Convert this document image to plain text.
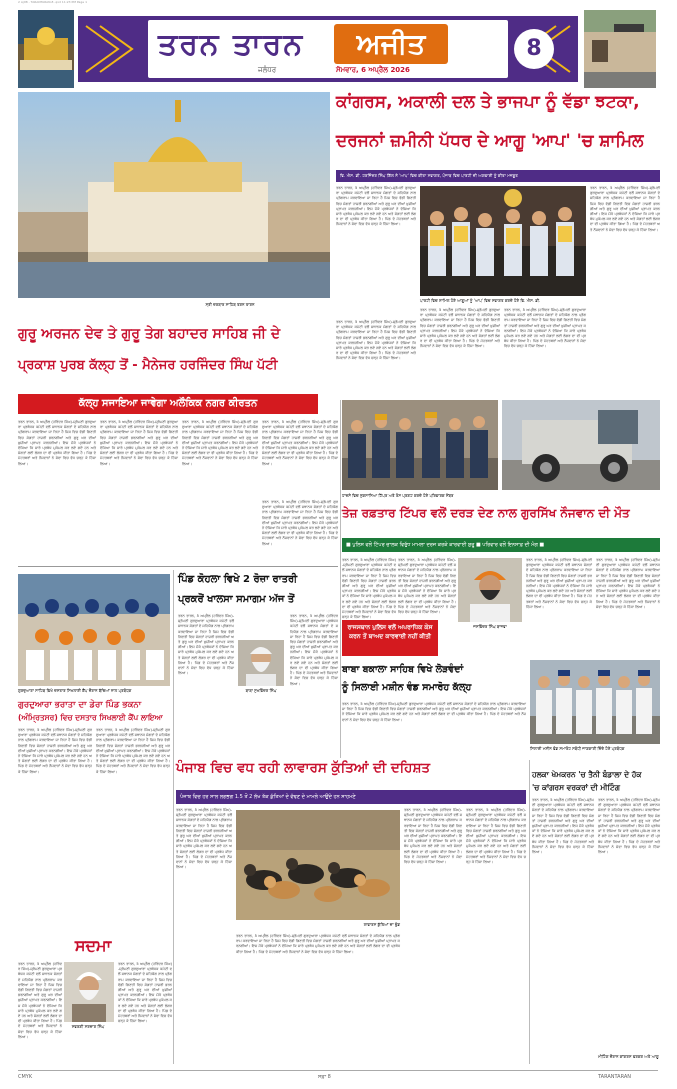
2 Ajit8 - TARANTARAN-8 .qxd 11:23 PM Page 1
ਤਰਨ ਤਾਰਨ	ਅਜੀਤ
ਜਲੰਧਰ	ਸੋਮਵਾਰ, 6 ਅਪ੍ਰੈਲ 2026
8
ਸ੍ਰੀ ਦਰਬਾਰ ਸਾਹਿਬ ਤਰਨ ਤਾਰਨ
ਕਾਂਗਰਸ, ਅਕਾਲੀ ਦਲ ਤੇ ਭਾਜਪਾ ਨੂੰ ਵੱਡਾ ਝਟਕਾ,
ਦਰਜਨਾਂ ਜ਼ਮੀਨੀ ਪੱਧਰ ਦੇ ਆਗੂ 'ਆਪ' 'ਚ ਸ਼ਾਮਿਲ
ਵਿ. ਐਸ. ਡੀ. ਹਰਜਿੰਦਰ ਸਿੰਘ ਗਿੱਲ ਨੇ 'ਆਪ' ਵਿਚ ਕੀਤਾ ਸਵਾਗਤ, ਪੰਜਾਬ ਵਿਚ ਪਾਰਟੀ ਦੀ ਅਗਵਾਈ ਨੂੰ ਕੀਤਾ ਮਜ਼ਬੂਤ
ਤਰਨ ਤਾਰਨ, 5 ਅਪ੍ਰੈਲ (ਹਰਿੰਦਰ ਸਿੰਘ)-ਸ਼੍ਰੋਮਣੀ ਗੁਰਦੁਆਰਾ ਪ੍ਰਬੰਧਕ ਕਮੇਟੀ ਵਲੋਂ ਸਥਾਨਕ ਸੰਗਤਾਂ ਦੇ ਸਹਿਯੋਗ ਨਾਲ ਪ੍ਰੋਗਰਾਮ ਕਰਵਾਇਆ ਜਾ ਰਿਹਾ ਹੈ ਜਿਸ ਵਿਚ ਵੱਡੀ ਗਿਣਤੀ ਵਿਚ ਸੰਗਤਾਂ ਹਾਜ਼ਰੀ ਭਰਨਗੀਆਂ ਅਤੇ ਗੁਰੂ ਘਰ ਦੀਆਂ ਖ਼ੁਸ਼ੀਆਂ ਪ੍ਰਾਪਤ ਕਰਨਗੀਆਂ। ਇਸ ਮੌਕੇ ਪ੍ਰਬੰਧਕਾਂ ਨੇ ਦੱਸਿਆ ਕਿ ਸਾਰੇ ਪ੍ਰਬੰਧ ਮੁਕੰਮਲ ਕਰ ਲਏ ਗਏ ਹਨ ਅਤੇ ਸੰਗਤਾਂ ਲਈ ਲੰਗਰ ਦਾ ਵੀ ਪ੍ਰਬੰਧ ਕੀਤਾ ਗਿਆ ਹੈ। ਪਿੰਡ ਦੇ ਮੋਹਤਬਰਾਂ ਅਤੇ ਨੌਜਵਾਨਾਂ ਨੇ ਸੇਵਾ ਵਿਚ ਵੱਧ ਚੜ੍ਹ ਕੇ ਹਿੱਸਾ ਲਿਆ।
ਪਾਰਟੀ ਵਿਚ ਸ਼ਾਮਿਲ ਹੋਏ ਆਗੂਆਂ ਨੂੰ 'ਆਪ' ਵਿਚ ਸਵਾਗਤ ਕਰਦੇ ਹੋਏ ਵਿ. ਐਸ. ਡੀ.
ਤਰਨ ਤਾਰਨ, 5 ਅਪ੍ਰੈਲ (ਹਰਿੰਦਰ ਸਿੰਘ)-ਸ਼੍ਰੋਮਣੀ ਗੁਰਦੁਆਰਾ ਪ੍ਰਬੰਧਕ ਕਮੇਟੀ ਵਲੋਂ ਸਥਾਨਕ ਸੰਗਤਾਂ ਦੇ ਸਹਿਯੋਗ ਨਾਲ ਪ੍ਰੋਗਰਾਮ ਕਰਵਾਇਆ ਜਾ ਰਿਹਾ ਹੈ ਜਿਸ ਵਿਚ ਵੱਡੀ ਗਿਣਤੀ ਵਿਚ ਸੰਗਤਾਂ ਹਾਜ਼ਰੀ ਭਰਨਗੀਆਂ ਅਤੇ ਗੁਰੂ ਘਰ ਦੀਆਂ ਖ਼ੁਸ਼ੀਆਂ ਪ੍ਰਾਪਤ ਕਰਨਗੀਆਂ। ਇਸ ਮੌਕੇ ਪ੍ਰਬੰਧਕਾਂ ਨੇ ਦੱਸਿਆ ਕਿ ਸਾਰੇ ਪ੍ਰਬੰਧ ਮੁਕੰਮਲ ਕਰ ਲਏ ਗਏ ਹਨ ਅਤੇ ਸੰਗਤਾਂ ਲਈ ਲੰਗਰ ਦਾ ਵੀ ਪ੍ਰਬੰਧ ਕੀਤਾ ਗਿਆ ਹੈ। ਪਿੰਡ ਦੇ ਮੋਹਤਬਰਾਂ ਅਤੇ ਨੌਜਵਾਨਾਂ ਨੇ ਸੇਵਾ ਵਿਚ ਵੱਧ ਚੜ੍ਹ ਕੇ ਹਿੱਸਾ ਲਿਆ।
ਤਰਨ ਤਾਰਨ, 5 ਅਪ੍ਰੈਲ (ਹਰਿੰਦਰ ਸਿੰਘ)-ਸ਼੍ਰੋਮਣੀ ਗੁਰਦੁਆਰਾ ਪ੍ਰਬੰਧਕ ਕਮੇਟੀ ਵਲੋਂ ਸਥਾਨਕ ਸੰਗਤਾਂ ਦੇ ਸਹਿਯੋਗ ਨਾਲ ਪ੍ਰੋਗਰਾਮ ਕਰਵਾਇਆ ਜਾ ਰਿਹਾ ਹੈ ਜਿਸ ਵਿਚ ਵੱਡੀ ਗਿਣਤੀ ਵਿਚ ਸੰਗਤਾਂ ਹਾਜ਼ਰੀ ਭਰਨਗੀਆਂ ਅਤੇ ਗੁਰੂ ਘਰ ਦੀਆਂ ਖ਼ੁਸ਼ੀਆਂ ਪ੍ਰਾਪਤ ਕਰਨਗੀਆਂ। ਇਸ ਮੌਕੇ ਪ੍ਰਬੰਧਕਾਂ ਨੇ ਦੱਸਿਆ ਕਿ ਸਾਰੇ ਪ੍ਰਬੰਧ ਮੁਕੰਮਲ ਕਰ ਲਏ ਗਏ ਹਨ ਅਤੇ ਸੰਗਤਾਂ ਲਈ ਲੰਗਰ ਦਾ ਵੀ ਪ੍ਰਬੰਧ ਕੀਤਾ ਗਿਆ ਹੈ। ਪਿੰਡ ਦੇ ਮੋਹਤਬਰਾਂ ਅਤੇ ਨੌਜਵਾਨਾਂ ਨੇ ਸੇਵਾ ਵਿਚ ਵੱਧ ਚੜ੍ਹ ਕੇ ਹਿੱਸਾ ਲਿਆ।
ਤਰਨ ਤਾਰਨ, 5 ਅਪ੍ਰੈਲ (ਹਰਿੰਦਰ ਸਿੰਘ)-ਸ਼੍ਰੋਮਣੀ ਗੁਰਦੁਆਰਾ ਪ੍ਰਬੰਧਕ ਕਮੇਟੀ ਵਲੋਂ ਸਥਾਨਕ ਸੰਗਤਾਂ ਦੇ ਸਹਿਯੋਗ ਨਾਲ ਪ੍ਰੋਗਰਾਮ ਕਰਵਾਇਆ ਜਾ ਰਿਹਾ ਹੈ ਜਿਸ ਵਿਚ ਵੱਡੀ ਗਿਣਤੀ ਵਿਚ ਸੰਗਤਾਂ ਹਾਜ਼ਰੀ ਭਰਨਗੀਆਂ ਅਤੇ ਗੁਰੂ ਘਰ ਦੀਆਂ ਖ਼ੁਸ਼ੀਆਂ ਪ੍ਰਾਪਤ ਕਰਨਗੀਆਂ। ਇਸ ਮੌਕੇ ਪ੍ਰਬੰਧਕਾਂ ਨੇ ਦੱਸਿਆ ਕਿ ਸਾਰੇ ਪ੍ਰਬੰਧ ਮੁਕੰਮਲ ਕਰ ਲਏ ਗਏ ਹਨ ਅਤੇ ਸੰਗਤਾਂ ਲਈ ਲੰਗਰ ਦਾ ਵੀ ਪ੍ਰਬੰਧ ਕੀਤਾ ਗਿਆ ਹੈ। ਪਿੰਡ ਦੇ ਮੋਹਤਬਰਾਂ ਅਤੇ ਨੌਜਵਾਨਾਂ ਨੇ ਸੇਵਾ ਵਿਚ ਵੱਧ ਚੜ੍ਹ ਕੇ ਹਿੱਸਾ ਲਿਆ।
ਤਰਨ ਤਾਰਨ, 5 ਅਪ੍ਰੈਲ (ਹਰਿੰਦਰ ਸਿੰਘ)-ਸ਼੍ਰੋਮਣੀ ਗੁਰਦੁਆਰਾ ਪ੍ਰਬੰਧਕ ਕਮੇਟੀ ਵਲੋਂ ਸਥਾਨਕ ਸੰਗਤਾਂ ਦੇ ਸਹਿਯੋਗ ਨਾਲ ਪ੍ਰੋਗਰਾਮ ਕਰਵਾਇਆ ਜਾ ਰਿਹਾ ਹੈ ਜਿਸ ਵਿਚ ਵੱਡੀ ਗਿਣਤੀ ਵਿਚ ਸੰਗਤਾਂ ਹਾਜ਼ਰੀ ਭਰਨਗੀਆਂ ਅਤੇ ਗੁਰੂ ਘਰ ਦੀਆਂ ਖ਼ੁਸ਼ੀਆਂ ਪ੍ਰਾਪਤ ਕਰਨਗੀਆਂ। ਇਸ ਮੌਕੇ ਪ੍ਰਬੰਧਕਾਂ ਨੇ ਦੱਸਿਆ ਕਿ ਸਾਰੇ ਪ੍ਰਬੰਧ ਮੁਕੰਮਲ ਕਰ ਲਏ ਗਏ ਹਨ ਅਤੇ ਸੰਗਤਾਂ ਲਈ ਲੰਗਰ ਦਾ ਵੀ ਪ੍ਰਬੰਧ ਕੀਤਾ ਗਿਆ ਹੈ। ਪਿੰਡ ਦੇ ਮੋਹਤਬਰਾਂ ਅਤੇ ਨੌਜਵਾਨਾਂ ਨੇ ਸੇਵਾ ਵਿਚ ਵੱਧ ਚੜ੍ਹ ਕੇ ਹਿੱਸਾ ਲਿਆ।
ਗੁਰੂ ਅਰਜਨ ਦੇਵ ਤੇ ਗੁਰੂ ਤੇਗ ਬਹਾਦਰ ਸਾਹਿਬ ਜੀ ਦੇ
ਪ੍ਰਕਾਸ਼ ਪੁਰਬ ਕੱਲ੍ਹ ਤੋਂ - ਮੈਨੇਜਰ ਹਰਜਿੰਦਰ ਸਿੰਘ ਪੱਟੀ
ਕੱਲ੍ਹ ਸਜਾਇਆ ਜਾਵੇਗਾ ਅਲੌਕਿਕ ਨਗਰ ਕੀਰਤਨ
ਤਰਨ ਤਾਰਨ, 5 ਅਪ੍ਰੈਲ (ਹਰਿੰਦਰ ਸਿੰਘ)-ਸ਼੍ਰੋਮਣੀ ਗੁਰਦੁਆਰਾ ਪ੍ਰਬੰਧਕ ਕਮੇਟੀ ਵਲੋਂ ਸਥਾਨਕ ਸੰਗਤਾਂ ਦੇ ਸਹਿਯੋਗ ਨਾਲ ਪ੍ਰੋਗਰਾਮ ਕਰਵਾਇਆ ਜਾ ਰਿਹਾ ਹੈ ਜਿਸ ਵਿਚ ਵੱਡੀ ਗਿਣਤੀ ਵਿਚ ਸੰਗਤਾਂ ਹਾਜ਼ਰੀ ਭਰਨਗੀਆਂ ਅਤੇ ਗੁਰੂ ਘਰ ਦੀਆਂ ਖ਼ੁਸ਼ੀਆਂ ਪ੍ਰਾਪਤ ਕਰਨਗੀਆਂ। ਇਸ ਮੌਕੇ ਪ੍ਰਬੰਧਕਾਂ ਨੇ ਦੱਸਿਆ ਕਿ ਸਾਰੇ ਪ੍ਰਬੰਧ ਮੁਕੰਮਲ ਕਰ ਲਏ ਗਏ ਹਨ ਅਤੇ ਸੰਗਤਾਂ ਲਈ ਲੰਗਰ ਦਾ ਵੀ ਪ੍ਰਬੰਧ ਕੀਤਾ ਗਿਆ ਹੈ। ਪਿੰਡ ਦੇ ਮੋਹਤਬਰਾਂ ਅਤੇ ਨੌਜਵਾਨਾਂ ਨੇ ਸੇਵਾ ਵਿਚ ਵੱਧ ਚੜ੍ਹ ਕੇ ਹਿੱਸਾ ਲਿਆ।
ਤਰਨ ਤਾਰਨ, 5 ਅਪ੍ਰੈਲ (ਹਰਿੰਦਰ ਸਿੰਘ)-ਸ਼੍ਰੋਮਣੀ ਗੁਰਦੁਆਰਾ ਪ੍ਰਬੰਧਕ ਕਮੇਟੀ ਵਲੋਂ ਸਥਾਨਕ ਸੰਗਤਾਂ ਦੇ ਸਹਿਯੋਗ ਨਾਲ ਪ੍ਰੋਗਰਾਮ ਕਰਵਾਇਆ ਜਾ ਰਿਹਾ ਹੈ ਜਿਸ ਵਿਚ ਵੱਡੀ ਗਿਣਤੀ ਵਿਚ ਸੰਗਤਾਂ ਹਾਜ਼ਰੀ ਭਰਨਗੀਆਂ ਅਤੇ ਗੁਰੂ ਘਰ ਦੀਆਂ ਖ਼ੁਸ਼ੀਆਂ ਪ੍ਰਾਪਤ ਕਰਨਗੀਆਂ। ਇਸ ਮੌਕੇ ਪ੍ਰਬੰਧਕਾਂ ਨੇ ਦੱਸਿਆ ਕਿ ਸਾਰੇ ਪ੍ਰਬੰਧ ਮੁਕੰਮਲ ਕਰ ਲਏ ਗਏ ਹਨ ਅਤੇ ਸੰਗਤਾਂ ਲਈ ਲੰਗਰ ਦਾ ਵੀ ਪ੍ਰਬੰਧ ਕੀਤਾ ਗਿਆ ਹੈ। ਪਿੰਡ ਦੇ ਮੋਹਤਬਰਾਂ ਅਤੇ ਨੌਜਵਾਨਾਂ ਨੇ ਸੇਵਾ ਵਿਚ ਵੱਧ ਚੜ੍ਹ ਕੇ ਹਿੱਸਾ ਲਿਆ।
ਤਰਨ ਤਾਰਨ, 5 ਅਪ੍ਰੈਲ (ਹਰਿੰਦਰ ਸਿੰਘ)-ਸ਼੍ਰੋਮਣੀ ਗੁਰਦੁਆਰਾ ਪ੍ਰਬੰਧਕ ਕਮੇਟੀ ਵਲੋਂ ਸਥਾਨਕ ਸੰਗਤਾਂ ਦੇ ਸਹਿਯੋਗ ਨਾਲ ਪ੍ਰੋਗਰਾਮ ਕਰਵਾਇਆ ਜਾ ਰਿਹਾ ਹੈ ਜਿਸ ਵਿਚ ਵੱਡੀ ਗਿਣਤੀ ਵਿਚ ਸੰਗਤਾਂ ਹਾਜ਼ਰੀ ਭਰਨਗੀਆਂ ਅਤੇ ਗੁਰੂ ਘਰ ਦੀਆਂ ਖ਼ੁਸ਼ੀਆਂ ਪ੍ਰਾਪਤ ਕਰਨਗੀਆਂ। ਇਸ ਮੌਕੇ ਪ੍ਰਬੰਧਕਾਂ ਨੇ ਦੱਸਿਆ ਕਿ ਸਾਰੇ ਪ੍ਰਬੰਧ ਮੁਕੰਮਲ ਕਰ ਲਏ ਗਏ ਹਨ ਅਤੇ ਸੰਗਤਾਂ ਲਈ ਲੰਗਰ ਦਾ ਵੀ ਪ੍ਰਬੰਧ ਕੀਤਾ ਗਿਆ ਹੈ। ਪਿੰਡ ਦੇ ਮੋਹਤਬਰਾਂ ਅਤੇ ਨੌਜਵਾਨਾਂ ਨੇ ਸੇਵਾ ਵਿਚ ਵੱਧ ਚੜ੍ਹ ਕੇ ਹਿੱਸਾ ਲਿਆ।
ਤਰਨ ਤਾਰਨ, 5 ਅਪ੍ਰੈਲ (ਹਰਿੰਦਰ ਸਿੰਘ)-ਸ਼੍ਰੋਮਣੀ ਗੁਰਦੁਆਰਾ ਪ੍ਰਬੰਧਕ ਕਮੇਟੀ ਵਲੋਂ ਸਥਾਨਕ ਸੰਗਤਾਂ ਦੇ ਸਹਿਯੋਗ ਨਾਲ ਪ੍ਰੋਗਰਾਮ ਕਰਵਾਇਆ ਜਾ ਰਿਹਾ ਹੈ ਜਿਸ ਵਿਚ ਵੱਡੀ ਗਿਣਤੀ ਵਿਚ ਸੰਗਤਾਂ ਹਾਜ਼ਰੀ ਭਰਨਗੀਆਂ ਅਤੇ ਗੁਰੂ ਘਰ ਦੀਆਂ ਖ਼ੁਸ਼ੀਆਂ ਪ੍ਰਾਪਤ ਕਰਨਗੀਆਂ। ਇਸ ਮੌਕੇ ਪ੍ਰਬੰਧਕਾਂ ਨੇ ਦੱਸਿਆ ਕਿ ਸਾਰੇ ਪ੍ਰਬੰਧ ਮੁਕੰਮਲ ਕਰ ਲਏ ਗਏ ਹਨ ਅਤੇ ਸੰਗਤਾਂ ਲਈ ਲੰਗਰ ਦਾ ਵੀ ਪ੍ਰਬੰਧ ਕੀਤਾ ਗਿਆ ਹੈ। ਪਿੰਡ ਦੇ ਮੋਹਤਬਰਾਂ ਅਤੇ ਨੌਜਵਾਨਾਂ ਨੇ ਸੇਵਾ ਵਿਚ ਵੱਧ ਚੜ੍ਹ ਕੇ ਹਿੱਸਾ ਲਿਆ।
ਹਾਦਸੇ ਵਿਚ ਨੁਕਸਾਨਿਆ ਟਿੱਪਰ ਅਤੇ ਰੋਸ ਪ੍ਰਗਟ ਕਰਦੇ ਹੋਏ ਪਰਿਵਾਰਕ ਮੈਂਬਰ
ਤੇਜ਼ ਰਫ਼ਤਾਰ ਟਿੱਪਰ ਵਲੋਂ ਦਰੜ ਦੇਣ ਨਾਲ ਗੁਰਸਿੱਖ ਨੌਜਵਾਨ ਦੀ ਮੌਤ
ਤਰਨ ਤਾਰਨ, 5 ਅਪ੍ਰੈਲ (ਹਰਿੰਦਰ ਸਿੰਘ)-ਸ਼੍ਰੋਮਣੀ ਗੁਰਦੁਆਰਾ ਪ੍ਰਬੰਧਕ ਕਮੇਟੀ ਵਲੋਂ ਸਥਾਨਕ ਸੰਗਤਾਂ ਦੇ ਸਹਿਯੋਗ ਨਾਲ ਪ੍ਰੋਗਰਾਮ ਕਰਵਾਇਆ ਜਾ ਰਿਹਾ ਹੈ ਜਿਸ ਵਿਚ ਵੱਡੀ ਗਿਣਤੀ ਵਿਚ ਸੰਗਤਾਂ ਹਾਜ਼ਰੀ ਭਰਨਗੀਆਂ ਅਤੇ ਗੁਰੂ ਘਰ ਦੀਆਂ ਖ਼ੁਸ਼ੀਆਂ ਪ੍ਰਾਪਤ ਕਰਨਗੀਆਂ। ਇਸ ਮੌਕੇ ਪ੍ਰਬੰਧਕਾਂ ਨੇ ਦੱਸਿਆ ਕਿ ਸਾਰੇ ਪ੍ਰਬੰਧ ਮੁਕੰਮਲ ਕਰ ਲਏ ਗਏ ਹਨ ਅਤੇ ਸੰਗਤਾਂ ਲਈ ਲੰਗਰ ਦਾ ਵੀ ਪ੍ਰਬੰਧ ਕੀਤਾ ਗਿਆ ਹੈ। ਪਿੰਡ ਦੇ ਮੋਹਤਬਰਾਂ ਅਤੇ ਨੌਜਵਾਨਾਂ ਨੇ ਸੇਵਾ ਵਿਚ ਵੱਧ ਚੜ੍ਹ ਕੇ ਹਿੱਸਾ ਲਿਆ।	■ ਪੁਲਿਸ ਵਲੋਂ ਟਿੱਪਰ ਚਾਲਕ ਵਿਰੁੱਧ ਮਾਮਲਾ ਦਰਜ ਕਰਕੇ ਕਾਰਵਾਈ ਸ਼ੁਰੂ ■ ਪਰਿਵਾਰ ਵਲੋਂ ਇਨਸਾਫ਼ ਦੀ ਮੰਗ ■
ਗੁਰਦੁਆਰਾ ਸਾਹਿਬ ਵਿਖੇ ਦਸਤਾਰ ਸਿਖਲਾਈ ਕੈਂਪ ਦੌਰਾਨ ਬੱਚਿਆਂ ਨਾਲ ਪ੍ਰਬੰਧਕ
ਗੁਰਦੁਆਰਾ ਭਰਾਤਾ ਦਾ ਡੇਰਾ ਪਿੰਡ ਭਕਨਾ
(ਅੰਮ੍ਰਿਤਸਰ) ਵਿਚ ਦਸਤਾਰ ਸਿਖਲਾਈ ਕੈਂਪ ਲਾਇਆ
ਤਰਨ ਤਾਰਨ, 5 ਅਪ੍ਰੈਲ (ਹਰਿੰਦਰ ਸਿੰਘ)-ਸ਼੍ਰੋਮਣੀ ਗੁਰਦੁਆਰਾ ਪ੍ਰਬੰਧਕ ਕਮੇਟੀ ਵਲੋਂ ਸਥਾਨਕ ਸੰਗਤਾਂ ਦੇ ਸਹਿਯੋਗ ਨਾਲ ਪ੍ਰੋਗਰਾਮ ਕਰਵਾਇਆ ਜਾ ਰਿਹਾ ਹੈ ਜਿਸ ਵਿਚ ਵੱਡੀ ਗਿਣਤੀ ਵਿਚ ਸੰਗਤਾਂ ਹਾਜ਼ਰੀ ਭਰਨਗੀਆਂ ਅਤੇ ਗੁਰੂ ਘਰ ਦੀਆਂ ਖ਼ੁਸ਼ੀਆਂ ਪ੍ਰਾਪਤ ਕਰਨਗੀਆਂ। ਇਸ ਮੌਕੇ ਪ੍ਰਬੰਧਕਾਂ ਨੇ ਦੱਸਿਆ ਕਿ ਸਾਰੇ ਪ੍ਰਬੰਧ ਮੁਕੰਮਲ ਕਰ ਲਏ ਗਏ ਹਨ ਅਤੇ ਸੰਗਤਾਂ ਲਈ ਲੰਗਰ ਦਾ ਵੀ ਪ੍ਰਬੰਧ ਕੀਤਾ ਗਿਆ ਹੈ। ਪਿੰਡ ਦੇ ਮੋਹਤਬਰਾਂ ਅਤੇ ਨੌਜਵਾਨਾਂ ਨੇ ਸੇਵਾ ਵਿਚ ਵੱਧ ਚੜ੍ਹ ਕੇ ਹਿੱਸਾ ਲਿਆ।
ਤਰਨ ਤਾਰਨ, 5 ਅਪ੍ਰੈਲ (ਹਰਿੰਦਰ ਸਿੰਘ)-ਸ਼੍ਰੋਮਣੀ ਗੁਰਦੁਆਰਾ ਪ੍ਰਬੰਧਕ ਕਮੇਟੀ ਵਲੋਂ ਸਥਾਨਕ ਸੰਗਤਾਂ ਦੇ ਸਹਿਯੋਗ ਨਾਲ ਪ੍ਰੋਗਰਾਮ ਕਰਵਾਇਆ ਜਾ ਰਿਹਾ ਹੈ ਜਿਸ ਵਿਚ ਵੱਡੀ ਗਿਣਤੀ ਵਿਚ ਸੰਗਤਾਂ ਹਾਜ਼ਰੀ ਭਰਨਗੀਆਂ ਅਤੇ ਗੁਰੂ ਘਰ ਦੀਆਂ ਖ਼ੁਸ਼ੀਆਂ ਪ੍ਰਾਪਤ ਕਰਨਗੀਆਂ। ਇਸ ਮੌਕੇ ਪ੍ਰਬੰਧਕਾਂ ਨੇ ਦੱਸਿਆ ਕਿ ਸਾਰੇ ਪ੍ਰਬੰਧ ਮੁਕੰਮਲ ਕਰ ਲਏ ਗਏ ਹਨ ਅਤੇ ਸੰਗਤਾਂ ਲਈ ਲੰਗਰ ਦਾ ਵੀ ਪ੍ਰਬੰਧ ਕੀਤਾ ਗਿਆ ਹੈ। ਪਿੰਡ ਦੇ ਮੋਹਤਬਰਾਂ ਅਤੇ ਨੌਜਵਾਨਾਂ ਨੇ ਸੇਵਾ ਵਿਚ ਵੱਧ ਚੜ੍ਹ ਕੇ ਹਿੱਸਾ ਲਿਆ।
ਪਿੰਡ ਕੋਹਲਾ ਵਿਖੇ 2 ਰੋਜ਼ਾ ਰਾਤਰੀ
ਪ੍ਰਕਰੋਂ ਖਾਲਸਾ ਸਮਾਗਮ ਅੱਜ ਤੋਂ
ਤਰਨ ਤਾਰਨ, 5 ਅਪ੍ਰੈਲ (ਹਰਿੰਦਰ ਸਿੰਘ)-ਸ਼੍ਰੋਮਣੀ ਗੁਰਦੁਆਰਾ ਪ੍ਰਬੰਧਕ ਕਮੇਟੀ ਵਲੋਂ ਸਥਾਨਕ ਸੰਗਤਾਂ ਦੇ ਸਹਿਯੋਗ ਨਾਲ ਪ੍ਰੋਗਰਾਮ ਕਰਵਾਇਆ ਜਾ ਰਿਹਾ ਹੈ ਜਿਸ ਵਿਚ ਵੱਡੀ ਗਿਣਤੀ ਵਿਚ ਸੰਗਤਾਂ ਹਾਜ਼ਰੀ ਭਰਨਗੀਆਂ ਅਤੇ ਗੁਰੂ ਘਰ ਦੀਆਂ ਖ਼ੁਸ਼ੀਆਂ ਪ੍ਰਾਪਤ ਕਰਨਗੀਆਂ। ਇਸ ਮੌਕੇ ਪ੍ਰਬੰਧਕਾਂ ਨੇ ਦੱਸਿਆ ਕਿ ਸਾਰੇ ਪ੍ਰਬੰਧ ਮੁਕੰਮਲ ਕਰ ਲਏ ਗਏ ਹਨ ਅਤੇ ਸੰਗਤਾਂ ਲਈ ਲੰਗਰ ਦਾ ਵੀ ਪ੍ਰਬੰਧ ਕੀਤਾ ਗਿਆ ਹੈ। ਪਿੰਡ ਦੇ ਮੋਹਤਬਰਾਂ ਅਤੇ ਨੌਜਵਾਨਾਂ ਨੇ ਸੇਵਾ ਵਿਚ ਵੱਧ ਚੜ੍ਹ ਕੇ ਹਿੱਸਾ ਲਿਆ।
ਬਾਬਾ ਸੁਖਵਿੰਦਰ ਸਿੰਘ
ਤਰਨ ਤਾਰਨ, 5 ਅਪ੍ਰੈਲ (ਹਰਿੰਦਰ ਸਿੰਘ)-ਸ਼੍ਰੋਮਣੀ ਗੁਰਦੁਆਰਾ ਪ੍ਰਬੰਧਕ ਕਮੇਟੀ ਵਲੋਂ ਸਥਾਨਕ ਸੰਗਤਾਂ ਦੇ ਸਹਿਯੋਗ ਨਾਲ ਪ੍ਰੋਗਰਾਮ ਕਰਵਾਇਆ ਜਾ ਰਿਹਾ ਹੈ ਜਿਸ ਵਿਚ ਵੱਡੀ ਗਿਣਤੀ ਵਿਚ ਸੰਗਤਾਂ ਹਾਜ਼ਰੀ ਭਰਨਗੀਆਂ ਅਤੇ ਗੁਰੂ ਘਰ ਦੀਆਂ ਖ਼ੁਸ਼ੀਆਂ ਪ੍ਰਾਪਤ ਕਰਨਗੀਆਂ। ਇਸ ਮੌਕੇ ਪ੍ਰਬੰਧਕਾਂ ਨੇ ਦੱਸਿਆ ਕਿ ਸਾਰੇ ਪ੍ਰਬੰਧ ਮੁਕੰਮਲ ਕਰ ਲਏ ਗਏ ਹਨ ਅਤੇ ਸੰਗਤਾਂ ਲਈ ਲੰਗਰ ਦਾ ਵੀ ਪ੍ਰਬੰਧ ਕੀਤਾ ਗਿਆ ਹੈ। ਪਿੰਡ ਦੇ ਮੋਹਤਬਰਾਂ ਅਤੇ ਨੌਜਵਾਨਾਂ ਨੇ ਸੇਵਾ ਵਿਚ ਵੱਧ ਚੜ੍ਹ ਕੇ ਹਿੱਸਾ ਲਿਆ।
ਤਰਨ ਤਾਰਨ, 5 ਅਪ੍ਰੈਲ (ਹਰਿੰਦਰ ਸਿੰਘ)-ਸ਼੍ਰੋਮਣੀ ਗੁਰਦੁਆਰਾ ਪ੍ਰਬੰਧਕ ਕਮੇਟੀ ਵਲੋਂ ਸਥਾਨਕ ਸੰਗਤਾਂ ਦੇ ਸਹਿਯੋਗ ਨਾਲ ਪ੍ਰੋਗਰਾਮ ਕਰਵਾਇਆ ਜਾ ਰਿਹਾ ਹੈ ਜਿਸ ਵਿਚ ਵੱਡੀ ਗਿਣਤੀ ਵਿਚ ਸੰਗਤਾਂ ਹਾਜ਼ਰੀ ਭਰਨਗੀਆਂ ਅਤੇ ਗੁਰੂ ਘਰ ਦੀਆਂ ਖ਼ੁਸ਼ੀਆਂ ਪ੍ਰਾਪਤ ਕਰਨਗੀਆਂ। ਇਸ ਮੌਕੇ ਪ੍ਰਬੰਧਕਾਂ ਨੇ ਦੱਸਿਆ ਕਿ ਸਾਰੇ ਪ੍ਰਬੰਧ ਮੁਕੰਮਲ ਕਰ ਲਏ ਗਏ ਹਨ ਅਤੇ ਸੰਗਤਾਂ ਲਈ ਲੰਗਰ ਦਾ ਵੀ ਪ੍ਰਬੰਧ ਕੀਤਾ ਗਿਆ ਹੈ। ਪਿੰਡ ਦੇ ਮੋਹਤਬਰਾਂ ਅਤੇ ਨੌਜਵਾਨਾਂ ਨੇ ਸੇਵਾ ਵਿਚ ਵੱਧ ਚੜ੍ਹ ਕੇ ਹਿੱਸਾ ਲਿਆ।
ਰਾਜਸਥਾਨ ਪੁਲਿਸ ਵਲੋਂ ਅਪਰਾਧਿਕ ਕੇਸ ਕਰਨ ਤੋਂ ਬਾਅਦ ਕਾਰਵਾਈ ਨਹੀਂ ਕੀਤੀ
ਤਰਨ ਤਾਰਨ, 5 ਅਪ੍ਰੈਲ (ਹਰਿੰਦਰ ਸਿੰਘ)-ਸ਼੍ਰੋਮਣੀ ਗੁਰਦੁਆਰਾ ਪ੍ਰਬੰਧਕ ਕਮੇਟੀ ਵਲੋਂ ਸਥਾਨਕ ਸੰਗਤਾਂ ਦੇ ਸਹਿਯੋਗ ਨਾਲ ਪ੍ਰੋਗਰਾਮ ਕਰਵਾਇਆ ਜਾ ਰਿਹਾ ਹੈ ਜਿਸ ਵਿਚ ਵੱਡੀ ਗਿਣਤੀ ਵਿਚ ਸੰਗਤਾਂ ਹਾਜ਼ਰੀ ਭਰਨਗੀਆਂ ਅਤੇ ਗੁਰੂ ਘਰ ਦੀਆਂ ਖ਼ੁਸ਼ੀਆਂ ਪ੍ਰਾਪਤ ਕਰਨਗੀਆਂ। ਇਸ ਮੌਕੇ ਪ੍ਰਬੰਧਕਾਂ ਨੇ ਦੱਸਿਆ ਕਿ ਸਾਰੇ ਪ੍ਰਬੰਧ ਮੁਕੰਮਲ ਕਰ ਲਏ ਗਏ ਹਨ ਅਤੇ ਸੰਗਤਾਂ ਲਈ ਲੰਗਰ ਦਾ ਵੀ ਪ੍ਰਬੰਧ ਕੀਤਾ ਗਿਆ ਹੈ। ਪਿੰਡ ਦੇ ਮੋਹਤਬਰਾਂ ਅਤੇ ਨੌਜਵਾਨਾਂ ਨੇ ਸੇਵਾ ਵਿਚ ਵੱਧ ਚੜ੍ਹ ਕੇ ਹਿੱਸਾ ਲਿਆ।
ਜਸਵਿੰਦਰ ਸਿੰਘ ਬਾਜਵਾ
ਤਰਨ ਤਾਰਨ, 5 ਅਪ੍ਰੈਲ (ਹਰਿੰਦਰ ਸਿੰਘ)-ਸ਼੍ਰੋਮਣੀ ਗੁਰਦੁਆਰਾ ਪ੍ਰਬੰਧਕ ਕਮੇਟੀ ਵਲੋਂ ਸਥਾਨਕ ਸੰਗਤਾਂ ਦੇ ਸਹਿਯੋਗ ਨਾਲ ਪ੍ਰੋਗਰਾਮ ਕਰਵਾਇਆ ਜਾ ਰਿਹਾ ਹੈ ਜਿਸ ਵਿਚ ਵੱਡੀ ਗਿਣਤੀ ਵਿਚ ਸੰਗਤਾਂ ਹਾਜ਼ਰੀ ਭਰਨਗੀਆਂ ਅਤੇ ਗੁਰੂ ਘਰ ਦੀਆਂ ਖ਼ੁਸ਼ੀਆਂ ਪ੍ਰਾਪਤ ਕਰਨਗੀਆਂ। ਇਸ ਮੌਕੇ ਪ੍ਰਬੰਧਕਾਂ ਨੇ ਦੱਸਿਆ ਕਿ ਸਾਰੇ ਪ੍ਰਬੰਧ ਮੁਕੰਮਲ ਕਰ ਲਏ ਗਏ ਹਨ ਅਤੇ ਸੰਗਤਾਂ ਲਈ ਲੰਗਰ ਦਾ ਵੀ ਪ੍ਰਬੰਧ ਕੀਤਾ ਗਿਆ ਹੈ। ਪਿੰਡ ਦੇ ਮੋਹਤਬਰਾਂ ਅਤੇ ਨੌਜਵਾਨਾਂ ਨੇ ਸੇਵਾ ਵਿਚ ਵੱਧ ਚੜ੍ਹ ਕੇ ਹਿੱਸਾ ਲਿਆ।
ਤਰਨ ਤਾਰਨ, 5 ਅਪ੍ਰੈਲ (ਹਰਿੰਦਰ ਸਿੰਘ)-ਸ਼੍ਰੋਮਣੀ ਗੁਰਦੁਆਰਾ ਪ੍ਰਬੰਧਕ ਕਮੇਟੀ ਵਲੋਂ ਸਥਾਨਕ ਸੰਗਤਾਂ ਦੇ ਸਹਿਯੋਗ ਨਾਲ ਪ੍ਰੋਗਰਾਮ ਕਰਵਾਇਆ ਜਾ ਰਿਹਾ ਹੈ ਜਿਸ ਵਿਚ ਵੱਡੀ ਗਿਣਤੀ ਵਿਚ ਸੰਗਤਾਂ ਹਾਜ਼ਰੀ ਭਰਨਗੀਆਂ ਅਤੇ ਗੁਰੂ ਘਰ ਦੀਆਂ ਖ਼ੁਸ਼ੀਆਂ ਪ੍ਰਾਪਤ ਕਰਨਗੀਆਂ। ਇਸ ਮੌਕੇ ਪ੍ਰਬੰਧਕਾਂ ਨੇ ਦੱਸਿਆ ਕਿ ਸਾਰੇ ਪ੍ਰਬੰਧ ਮੁਕੰਮਲ ਕਰ ਲਏ ਗਏ ਹਨ ਅਤੇ ਸੰਗਤਾਂ ਲਈ ਲੰਗਰ ਦਾ ਵੀ ਪ੍ਰਬੰਧ ਕੀਤਾ ਗਿਆ ਹੈ। ਪਿੰਡ ਦੇ ਮੋਹਤਬਰਾਂ ਅਤੇ ਨੌਜਵਾਨਾਂ ਨੇ ਸੇਵਾ ਵਿਚ ਵੱਧ ਚੜ੍ਹ ਕੇ ਹਿੱਸਾ ਲਿਆ।
ਬਾਬਾ ਬਕਾਲਾ ਸਾਹਿਬ ਵਿਖੇ ਲੋੜਵੰਦਾਂ
ਨੂੰ ਸਿਲਾਈ ਮਸ਼ੀਨ ਵੰਡ ਸਮਾਰੋਹ ਕੱਲ੍ਹ
ਤਰਨ ਤਾਰਨ, 5 ਅਪ੍ਰੈਲ (ਹਰਿੰਦਰ ਸਿੰਘ)-ਸ਼੍ਰੋਮਣੀ ਗੁਰਦੁਆਰਾ ਪ੍ਰਬੰਧਕ ਕਮੇਟੀ ਵਲੋਂ ਸਥਾਨਕ ਸੰਗਤਾਂ ਦੇ ਸਹਿਯੋਗ ਨਾਲ ਪ੍ਰੋਗਰਾਮ ਕਰਵਾਇਆ ਜਾ ਰਿਹਾ ਹੈ ਜਿਸ ਵਿਚ ਵੱਡੀ ਗਿਣਤੀ ਵਿਚ ਸੰਗਤਾਂ ਹਾਜ਼ਰੀ ਭਰਨਗੀਆਂ ਅਤੇ ਗੁਰੂ ਘਰ ਦੀਆਂ ਖ਼ੁਸ਼ੀਆਂ ਪ੍ਰਾਪਤ ਕਰਨਗੀਆਂ। ਇਸ ਮੌਕੇ ਪ੍ਰਬੰਧਕਾਂ ਨੇ ਦੱਸਿਆ ਕਿ ਸਾਰੇ ਪ੍ਰਬੰਧ ਮੁਕੰਮਲ ਕਰ ਲਏ ਗਏ ਹਨ ਅਤੇ ਸੰਗਤਾਂ ਲਈ ਲੰਗਰ ਦਾ ਵੀ ਪ੍ਰਬੰਧ ਕੀਤਾ ਗਿਆ ਹੈ। ਪਿੰਡ ਦੇ ਮੋਹਤਬਰਾਂ ਅਤੇ ਨੌਜਵਾਨਾਂ ਨੇ ਸੇਵਾ ਵਿਚ ਵੱਧ ਚੜ੍ਹ ਕੇ ਹਿੱਸਾ ਲਿਆ।
ਸਿਲਾਈ ਮਸ਼ੀਨ ਵੰਡ ਸਮਾਰੋਹ ਸਬੰਧੀ ਜਾਣਕਾਰੀ ਦਿੰਦੇ ਹੋਏ ਪ੍ਰਬੰਧਕ
ਪੰਜਾਬ ਵਿਚ ਵਧ ਰਹੀ ਲਾਵਾਰਸ ਕੁੱਤਿਆਂ ਦੀ ਦਹਿਸ਼ਤ
ਪੰਜਾਬ ਵਿਚ ਹਰ ਸਾਲ ਲਗਭਗ 1.5 ਤੋਂ 2 ਲੱਖ ਤੱਕ ਕੁੱਤਿਆਂ ਦੇ ਵੱਢਣ ਦੇ ਮਾਮਲੇ ਆਉਂਦੇ ਹਨ ਸਾਹਮਣੇ
ਤਰਨ ਤਾਰਨ, 5 ਅਪ੍ਰੈਲ (ਹਰਿੰਦਰ ਸਿੰਘ)-ਸ਼੍ਰੋਮਣੀ ਗੁਰਦੁਆਰਾ ਪ੍ਰਬੰਧਕ ਕਮੇਟੀ ਵਲੋਂ ਸਥਾਨਕ ਸੰਗਤਾਂ ਦੇ ਸਹਿਯੋਗ ਨਾਲ ਪ੍ਰੋਗਰਾਮ ਕਰਵਾਇਆ ਜਾ ਰਿਹਾ ਹੈ ਜਿਸ ਵਿਚ ਵੱਡੀ ਗਿਣਤੀ ਵਿਚ ਸੰਗਤਾਂ ਹਾਜ਼ਰੀ ਭਰਨਗੀਆਂ ਅਤੇ ਗੁਰੂ ਘਰ ਦੀਆਂ ਖ਼ੁਸ਼ੀਆਂ ਪ੍ਰਾਪਤ ਕਰਨਗੀਆਂ। ਇਸ ਮੌਕੇ ਪ੍ਰਬੰਧਕਾਂ ਨੇ ਦੱਸਿਆ ਕਿ ਸਾਰੇ ਪ੍ਰਬੰਧ ਮੁਕੰਮਲ ਕਰ ਲਏ ਗਏ ਹਨ ਅਤੇ ਸੰਗਤਾਂ ਲਈ ਲੰਗਰ ਦਾ ਵੀ ਪ੍ਰਬੰਧ ਕੀਤਾ ਗਿਆ ਹੈ। ਪਿੰਡ ਦੇ ਮੋਹਤਬਰਾਂ ਅਤੇ ਨੌਜਵਾਨਾਂ ਨੇ ਸੇਵਾ ਵਿਚ ਵੱਧ ਚੜ੍ਹ ਕੇ ਹਿੱਸਾ ਲਿਆ।
ਲਾਵਾਰਸ ਕੁੱਤਿਆਂ ਦਾ ਝੁੰਡ
ਤਰਨ ਤਾਰਨ, 5 ਅਪ੍ਰੈਲ (ਹਰਿੰਦਰ ਸਿੰਘ)-ਸ਼੍ਰੋਮਣੀ ਗੁਰਦੁਆਰਾ ਪ੍ਰਬੰਧਕ ਕਮੇਟੀ ਵਲੋਂ ਸਥਾਨਕ ਸੰਗਤਾਂ ਦੇ ਸਹਿਯੋਗ ਨਾਲ ਪ੍ਰੋਗਰਾਮ ਕਰਵਾਇਆ ਜਾ ਰਿਹਾ ਹੈ ਜਿਸ ਵਿਚ ਵੱਡੀ ਗਿਣਤੀ ਵਿਚ ਸੰਗਤਾਂ ਹਾਜ਼ਰੀ ਭਰਨਗੀਆਂ ਅਤੇ ਗੁਰੂ ਘਰ ਦੀਆਂ ਖ਼ੁਸ਼ੀਆਂ ਪ੍ਰਾਪਤ ਕਰਨਗੀਆਂ। ਇਸ ਮੌਕੇ ਪ੍ਰਬੰਧਕਾਂ ਨੇ ਦੱਸਿਆ ਕਿ ਸਾਰੇ ਪ੍ਰਬੰਧ ਮੁਕੰਮਲ ਕਰ ਲਏ ਗਏ ਹਨ ਅਤੇ ਸੰਗਤਾਂ ਲਈ ਲੰਗਰ ਦਾ ਵੀ ਪ੍ਰਬੰਧ ਕੀਤਾ ਗਿਆ ਹੈ। ਪਿੰਡ ਦੇ ਮੋਹਤਬਰਾਂ ਅਤੇ ਨੌਜਵਾਨਾਂ ਨੇ ਸੇਵਾ ਵਿਚ ਵੱਧ ਚੜ੍ਹ ਕੇ ਹਿੱਸਾ ਲਿਆ।
ਤਰਨ ਤਾਰਨ, 5 ਅਪ੍ਰੈਲ (ਹਰਿੰਦਰ ਸਿੰਘ)-ਸ਼੍ਰੋਮਣੀ ਗੁਰਦੁਆਰਾ ਪ੍ਰਬੰਧਕ ਕਮੇਟੀ ਵਲੋਂ ਸਥਾਨਕ ਸੰਗਤਾਂ ਦੇ ਸਹਿਯੋਗ ਨਾਲ ਪ੍ਰੋਗਰਾਮ ਕਰਵਾਇਆ ਜਾ ਰਿਹਾ ਹੈ ਜਿਸ ਵਿਚ ਵੱਡੀ ਗਿਣਤੀ ਵਿਚ ਸੰਗਤਾਂ ਹਾਜ਼ਰੀ ਭਰਨਗੀਆਂ ਅਤੇ ਗੁਰੂ ਘਰ ਦੀਆਂ ਖ਼ੁਸ਼ੀਆਂ ਪ੍ਰਾਪਤ ਕਰਨਗੀਆਂ। ਇਸ ਮੌਕੇ ਪ੍ਰਬੰਧਕਾਂ ਨੇ ਦੱਸਿਆ ਕਿ ਸਾਰੇ ਪ੍ਰਬੰਧ ਮੁਕੰਮਲ ਕਰ ਲਏ ਗਏ ਹਨ ਅਤੇ ਸੰਗਤਾਂ ਲਈ ਲੰਗਰ ਦਾ ਵੀ ਪ੍ਰਬੰਧ ਕੀਤਾ ਗਿਆ ਹੈ। ਪਿੰਡ ਦੇ ਮੋਹਤਬਰਾਂ ਅਤੇ ਨੌਜਵਾਨਾਂ ਨੇ ਸੇਵਾ ਵਿਚ ਵੱਧ ਚੜ੍ਹ ਕੇ ਹਿੱਸਾ ਲਿਆ।
ਤਰਨ ਤਾਰਨ, 5 ਅਪ੍ਰੈਲ (ਹਰਿੰਦਰ ਸਿੰਘ)-ਸ਼੍ਰੋਮਣੀ ਗੁਰਦੁਆਰਾ ਪ੍ਰਬੰਧਕ ਕਮੇਟੀ ਵਲੋਂ ਸਥਾਨਕ ਸੰਗਤਾਂ ਦੇ ਸਹਿਯੋਗ ਨਾਲ ਪ੍ਰੋਗਰਾਮ ਕਰਵਾਇਆ ਜਾ ਰਿਹਾ ਹੈ ਜਿਸ ਵਿਚ ਵੱਡੀ ਗਿਣਤੀ ਵਿਚ ਸੰਗਤਾਂ ਹਾਜ਼ਰੀ ਭਰਨਗੀਆਂ ਅਤੇ ਗੁਰੂ ਘਰ ਦੀਆਂ ਖ਼ੁਸ਼ੀਆਂ ਪ੍ਰਾਪਤ ਕਰਨਗੀਆਂ। ਇਸ ਮੌਕੇ ਪ੍ਰਬੰਧਕਾਂ ਨੇ ਦੱਸਿਆ ਕਿ ਸਾਰੇ ਪ੍ਰਬੰਧ ਮੁਕੰਮਲ ਕਰ ਲਏ ਗਏ ਹਨ ਅਤੇ ਸੰਗਤਾਂ ਲਈ ਲੰਗਰ ਦਾ ਵੀ ਪ੍ਰਬੰਧ ਕੀਤਾ ਗਿਆ ਹੈ। ਪਿੰਡ ਦੇ ਮੋਹਤਬਰਾਂ ਅਤੇ ਨੌਜਵਾਨਾਂ ਨੇ ਸੇਵਾ ਵਿਚ ਵੱਧ ਚੜ੍ਹ ਕੇ ਹਿੱਸਾ ਲਿਆ।
ਹਲਕਾ ਖੇਮਕਰਨ 'ਚ ਤੈਨੀ ਬੰਡਾਲਾ ਦੇ ਹੱਕ
'ਚ ਕਾਂਗਰਸ ਵਰਕਰਾਂ ਦੀ ਮੀਟਿੰਗ
ਤਰਨ ਤਾਰਨ, 5 ਅਪ੍ਰੈਲ (ਹਰਿੰਦਰ ਸਿੰਘ)-ਸ਼੍ਰੋਮਣੀ ਗੁਰਦੁਆਰਾ ਪ੍ਰਬੰਧਕ ਕਮੇਟੀ ਵਲੋਂ ਸਥਾਨਕ ਸੰਗਤਾਂ ਦੇ ਸਹਿਯੋਗ ਨਾਲ ਪ੍ਰੋਗਰਾਮ ਕਰਵਾਇਆ ਜਾ ਰਿਹਾ ਹੈ ਜਿਸ ਵਿਚ ਵੱਡੀ ਗਿਣਤੀ ਵਿਚ ਸੰਗਤਾਂ ਹਾਜ਼ਰੀ ਭਰਨਗੀਆਂ ਅਤੇ ਗੁਰੂ ਘਰ ਦੀਆਂ ਖ਼ੁਸ਼ੀਆਂ ਪ੍ਰਾਪਤ ਕਰਨਗੀਆਂ। ਇਸ ਮੌਕੇ ਪ੍ਰਬੰਧਕਾਂ ਨੇ ਦੱਸਿਆ ਕਿ ਸਾਰੇ ਪ੍ਰਬੰਧ ਮੁਕੰਮਲ ਕਰ ਲਏ ਗਏ ਹਨ ਅਤੇ ਸੰਗਤਾਂ ਲਈ ਲੰਗਰ ਦਾ ਵੀ ਪ੍ਰਬੰਧ ਕੀਤਾ ਗਿਆ ਹੈ। ਪਿੰਡ ਦੇ ਮੋਹਤਬਰਾਂ ਅਤੇ ਨੌਜਵਾਨਾਂ ਨੇ ਸੇਵਾ ਵਿਚ ਵੱਧ ਚੜ੍ਹ ਕੇ ਹਿੱਸਾ ਲਿਆ।
ਤਰਨ ਤਾਰਨ, 5 ਅਪ੍ਰੈਲ (ਹਰਿੰਦਰ ਸਿੰਘ)-ਸ਼੍ਰੋਮਣੀ ਗੁਰਦੁਆਰਾ ਪ੍ਰਬੰਧਕ ਕਮੇਟੀ ਵਲੋਂ ਸਥਾਨਕ ਸੰਗਤਾਂ ਦੇ ਸਹਿਯੋਗ ਨਾਲ ਪ੍ਰੋਗਰਾਮ ਕਰਵਾਇਆ ਜਾ ਰਿਹਾ ਹੈ ਜਿਸ ਵਿਚ ਵੱਡੀ ਗਿਣਤੀ ਵਿਚ ਸੰਗਤਾਂ ਹਾਜ਼ਰੀ ਭਰਨਗੀਆਂ ਅਤੇ ਗੁਰੂ ਘਰ ਦੀਆਂ ਖ਼ੁਸ਼ੀਆਂ ਪ੍ਰਾਪਤ ਕਰਨਗੀਆਂ। ਇਸ ਮੌਕੇ ਪ੍ਰਬੰਧਕਾਂ ਨੇ ਦੱਸਿਆ ਕਿ ਸਾਰੇ ਪ੍ਰਬੰਧ ਮੁਕੰਮਲ ਕਰ ਲਏ ਗਏ ਹਨ ਅਤੇ ਸੰਗਤਾਂ ਲਈ ਲੰਗਰ ਦਾ ਵੀ ਪ੍ਰਬੰਧ ਕੀਤਾ ਗਿਆ ਹੈ। ਪਿੰਡ ਦੇ ਮੋਹਤਬਰਾਂ ਅਤੇ ਨੌਜਵਾਨਾਂ ਨੇ ਸੇਵਾ ਵਿਚ ਵੱਧ ਚੜ੍ਹ ਕੇ ਹਿੱਸਾ ਲਿਆ।
ਮੀਟਿੰਗ ਦੌਰਾਨ ਕਾਂਗਰਸ ਵਰਕਰ ਅਤੇ ਆਗੂ
ਸਦਮਾ
ਸਵਰਗੀ ਸਰਦਾਰ ਸਿੰਘ
ਤਰਨ ਤਾਰਨ, 5 ਅਪ੍ਰੈਲ (ਹਰਿੰਦਰ ਸਿੰਘ)-ਸ਼੍ਰੋਮਣੀ ਗੁਰਦੁਆਰਾ ਪ੍ਰਬੰਧਕ ਕਮੇਟੀ ਵਲੋਂ ਸਥਾਨਕ ਸੰਗਤਾਂ ਦੇ ਸਹਿਯੋਗ ਨਾਲ ਪ੍ਰੋਗਰਾਮ ਕਰਵਾਇਆ ਜਾ ਰਿਹਾ ਹੈ ਜਿਸ ਵਿਚ ਵੱਡੀ ਗਿਣਤੀ ਵਿਚ ਸੰਗਤਾਂ ਹਾਜ਼ਰੀ ਭਰਨਗੀਆਂ ਅਤੇ ਗੁਰੂ ਘਰ ਦੀਆਂ ਖ਼ੁਸ਼ੀਆਂ ਪ੍ਰਾਪਤ ਕਰਨਗੀਆਂ। ਇਸ ਮੌਕੇ ਪ੍ਰਬੰਧਕਾਂ ਨੇ ਦੱਸਿਆ ਕਿ ਸਾਰੇ ਪ੍ਰਬੰਧ ਮੁਕੰਮਲ ਕਰ ਲਏ ਗਏ ਹਨ ਅਤੇ ਸੰਗਤਾਂ ਲਈ ਲੰਗਰ ਦਾ ਵੀ ਪ੍ਰਬੰਧ ਕੀਤਾ ਗਿਆ ਹੈ। ਪਿੰਡ ਦੇ ਮੋਹਤਬਰਾਂ ਅਤੇ ਨੌਜਵਾਨਾਂ ਨੇ ਸੇਵਾ ਵਿਚ ਵੱਧ ਚੜ੍ਹ ਕੇ ਹਿੱਸਾ ਲਿਆ।
ਤਰਨ ਤਾਰਨ, 5 ਅਪ੍ਰੈਲ (ਹਰਿੰਦਰ ਸਿੰਘ)-ਸ਼੍ਰੋਮਣੀ ਗੁਰਦੁਆਰਾ ਪ੍ਰਬੰਧਕ ਕਮੇਟੀ ਵਲੋਂ ਸਥਾਨਕ ਸੰਗਤਾਂ ਦੇ ਸਹਿਯੋਗ ਨਾਲ ਪ੍ਰੋਗਰਾਮ ਕਰਵਾਇਆ ਜਾ ਰਿਹਾ ਹੈ ਜਿਸ ਵਿਚ ਵੱਡੀ ਗਿਣਤੀ ਵਿਚ ਸੰਗਤਾਂ ਹਾਜ਼ਰੀ ਭਰਨਗੀਆਂ ਅਤੇ ਗੁਰੂ ਘਰ ਦੀਆਂ ਖ਼ੁਸ਼ੀਆਂ ਪ੍ਰਾਪਤ ਕਰਨਗੀਆਂ। ਇਸ ਮੌਕੇ ਪ੍ਰਬੰਧਕਾਂ ਨੇ ਦੱਸਿਆ ਕਿ ਸਾਰੇ ਪ੍ਰਬੰਧ ਮੁਕੰਮਲ ਕਰ ਲਏ ਗਏ ਹਨ ਅਤੇ ਸੰਗਤਾਂ ਲਈ ਲੰਗਰ ਦਾ ਵੀ ਪ੍ਰਬੰਧ ਕੀਤਾ ਗਿਆ ਹੈ। ਪਿੰਡ ਦੇ ਮੋਹਤਬਰਾਂ ਅਤੇ ਨੌਜਵਾਨਾਂ ਨੇ ਸੇਵਾ ਵਿਚ ਵੱਧ ਚੜ੍ਹ ਕੇ ਹਿੱਸਾ ਲਿਆ।
CMYK	ਸਫ਼ਾ 8	TARANTARAN
